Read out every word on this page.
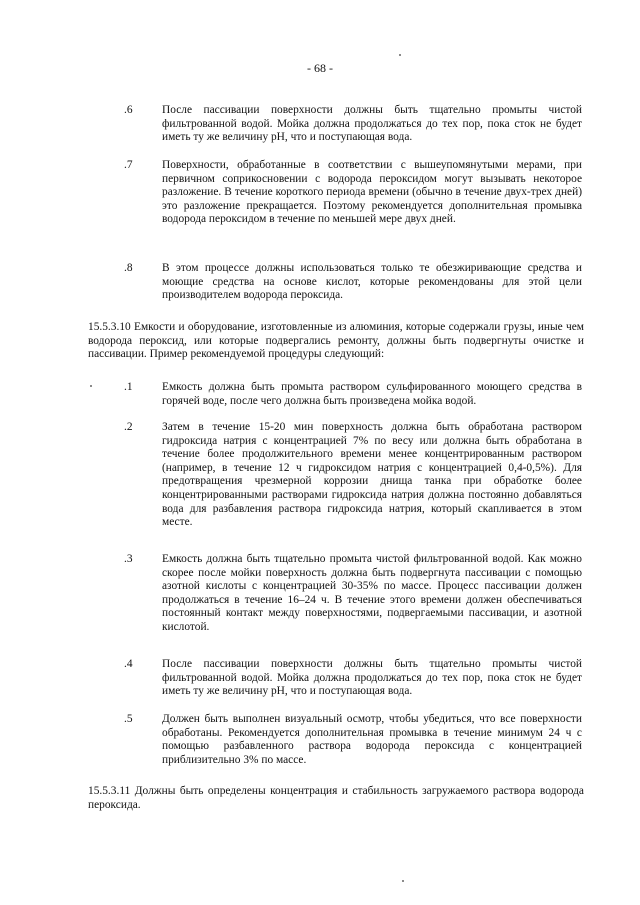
- 68 -
.6	После пассивации поверхности должны быть тщательно промыты чистой фильтрованной водой. Мойка должна продолжаться до тех пор, пока сток не будет иметь ту же величину рН, что и поступающая вода.

.7	Поверхности, обработанные в соответствии с вышеупомянутыми мерами, при первичном соприкосновении с водорода пероксидом могут вызывать некоторое разложение. В течение короткого периода времени (обычно в течение двух-трех дней) это разложение прекращается. Поэтому рекомендуется дополнительная промывка водорода пероксидом в течение по меньшей мере двух дней.

.8	В этом процессе должны использоваться только те обезжиривающие средства и моющие средства на основе кислот, которые рекомендованы для этой цели производителем водорода пероксида.

15.5.3.10 Емкости и оборудование, изготовленные из алюминия, которые содержали грузы, иные чем водорода пероксид, или которые подвергались ремонту, должны быть подвергнуты очистке и пассивации. Пример рекомендуемой процедуры следующий:

.1	Емкость должна быть промыта раствором сульфированного моющего средства в горячей воде, после чего должна быть произведена мойка водой.

.2	Затем в течение 15-20 мин поверхность должна быть обработана раствором гидроксида натрия с концентрацией 7% по весу или должна быть обработана в течение более продолжительного времени менее концентрированным раствором (например, в течение 12 ч гидроксидом натрия с концентрацией 0,4-0,5%). Для предотвращения чрезмерной коррозии днища танка при обработке более концентрированными растворами гидроксида натрия должна постоянно добавляться вода для разбавления раствора гидроксида натрия, который скапливается в этом месте.

.3	Емкость должна быть тщательно промыта чистой фильтрованной водой. Как можно скорее после мойки поверхность должна быть подвергнута пассивации с помощью азотной кислоты с концентрацией 30-35% по массе. Процесс пассивации должен продолжаться в течение 16–24 ч. В течение этого времени должен обеспечиваться постоянный контакт между поверхностями, подвергаемыми пассивации, и азотной кислотой.

.4	После пассивации поверхности должны быть тщательно промыты чистой фильтрованной водой. Мойка должна продолжаться до тех пор, пока сток не будет иметь ту же величину рН, что и поступающая вода.

.5	Должен быть выполнен визуальный осмотр, чтобы убедиться, что все поверхности обработаны. Рекомендуется дополнительная промывка в течение минимум 24 ч с помощью разбавленного раствора водорода пероксида с концентрацией приблизительно 3% по массе.

15.5.3.11 Должны быть определены концентрация и стабильность загружаемого раствора водорода пероксида.
